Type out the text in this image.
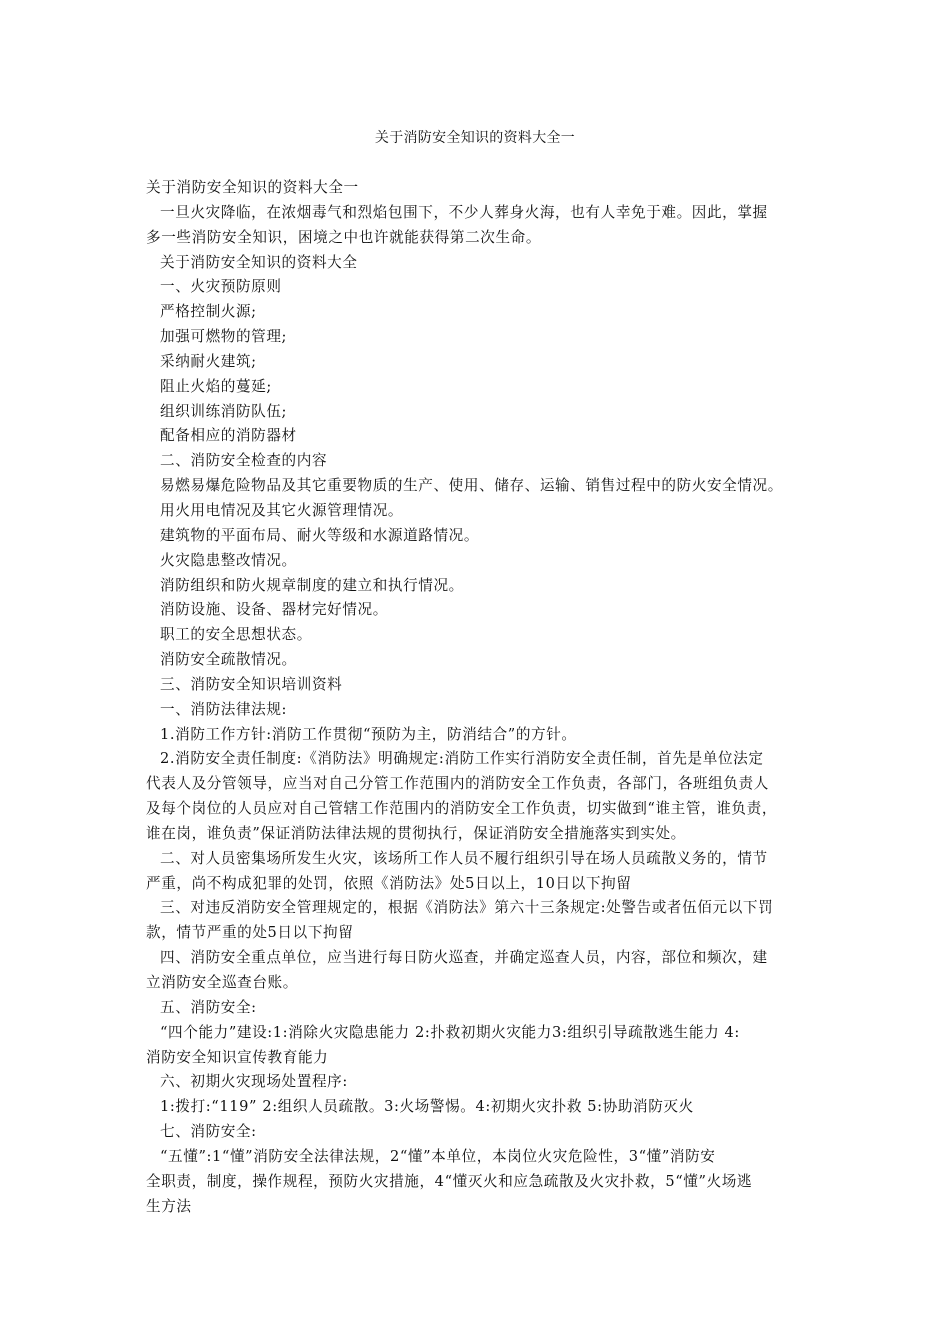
关于消防安全知识的资料大全一
关于消防安全知识的资料大全一
一旦火灾降临，在浓烟毒气和烈焰包围下，不少人葬身火海，也有人幸免于难。因此，掌握
多一些消防安全知识，困境之中也许就能获得第二次生命。
关于消防安全知识的资料大全
一、火灾预防原则
严格控制火源;
加强可燃物的管理;
采纳耐火建筑;
阻止火焰的蔓延;
组织训练消防队伍;
配备相应的消防器材
二、消防安全检查的内容
易燃易爆危险物品及其它重要物质的生产、使用、储存、运输、销售过程中的防火安全情况。
用火用电情况及其它火源管理情况。
建筑物的平面布局、耐火等级和水源道路情况。
火灾隐患整改情况。
消防组织和防火规章制度的建立和执行情况。
消防设施、设备、器材完好情况。
职工的安全思想状态。
消防安全疏散情况。
三、消防安全知识培训资料
一、消防法律法规:
1.消防工作方针:消防工作贯彻“预防为主，防消结合”的方针。
2.消防安全责任制度:《消防法》明确规定:消防工作实行消防安全责任制，首先是单位法定
代表人及分管领导，应当对自己分管工作范围内的消防安全工作负责，各部门，各班组负责人
及每个岗位的人员应对自己管辖工作范围内的消防安全工作负责，切实做到“谁主管，谁负责，
谁在岗，谁负责”保证消防法律法规的贯彻执行，保证消防安全措施落实到实处。
二、对人员密集场所发生火灾，该场所工作人员不履行组织引导在场人员疏散义务的，情节
严重，尚不构成犯罪的处罚，依照《消防法》处5日以上，10日以下拘留
三、对违反消防安全管理规定的，根据《消防法》第六十三条规定:处警告或者伍佰元以下罚
款，情节严重的处5日以下拘留
四、消防安全重点单位，应当进行每日防火巡查，并确定巡查人员，内容，部位和频次，建
立消防安全巡查台账。
五、消防安全:
“四个能力”建设:1:消除火灾隐患能力 2:扑救初期火灾能力3:组织引导疏散逃生能力 4:
消防安全知识宣传教育能力
六、初期火灾现场处置程序:
1:拨打:“119” 2:组织人员疏散。3:火场警惕。4:初期火灾扑救 5:协助消防灭火
七、消防安全:
“五懂”:1“懂”消防安全法律法规，2“懂”本单位，本岗位火灾危险性，3“懂”消防安
全职责，制度，操作规程，预防火灾措施，4“懂灭火和应急疏散及火灾扑救，5“懂”火场逃
生方法
